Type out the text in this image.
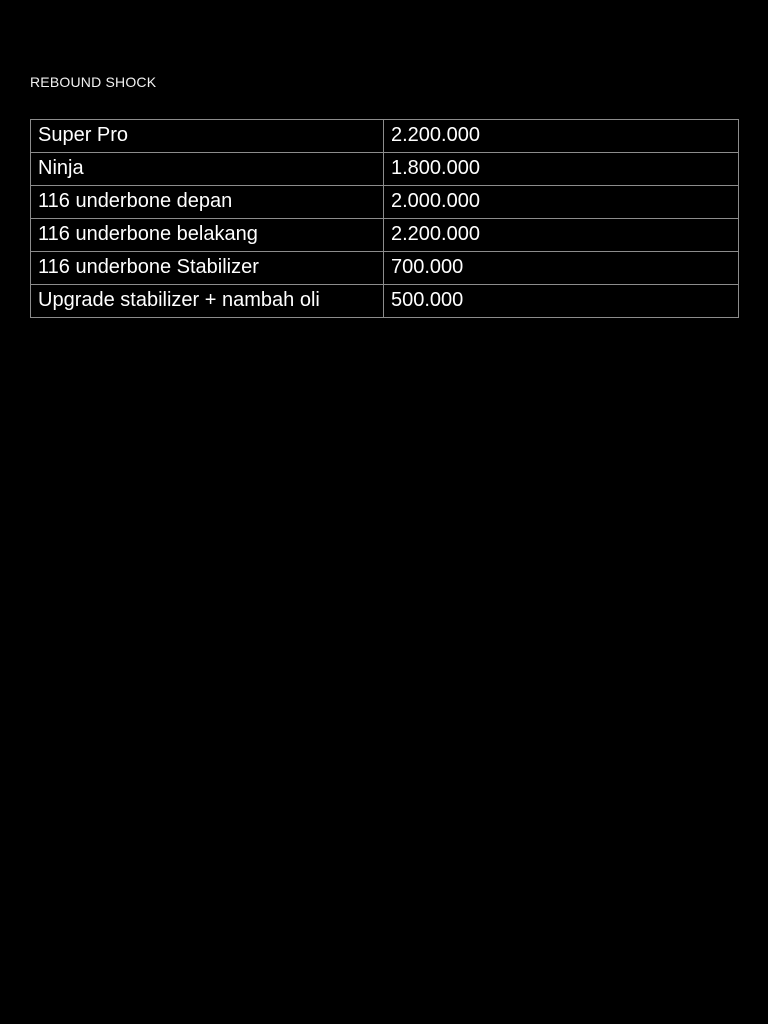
REBOUND SHOCK
Super Pro	2.200.000
Ninja	1.800.000
116 underbone depan	2.000.000
116 underbone belakang	2.200.000
116 underbone Stabilizer	700.000
Upgrade stabilizer + nambah oli	500.000
